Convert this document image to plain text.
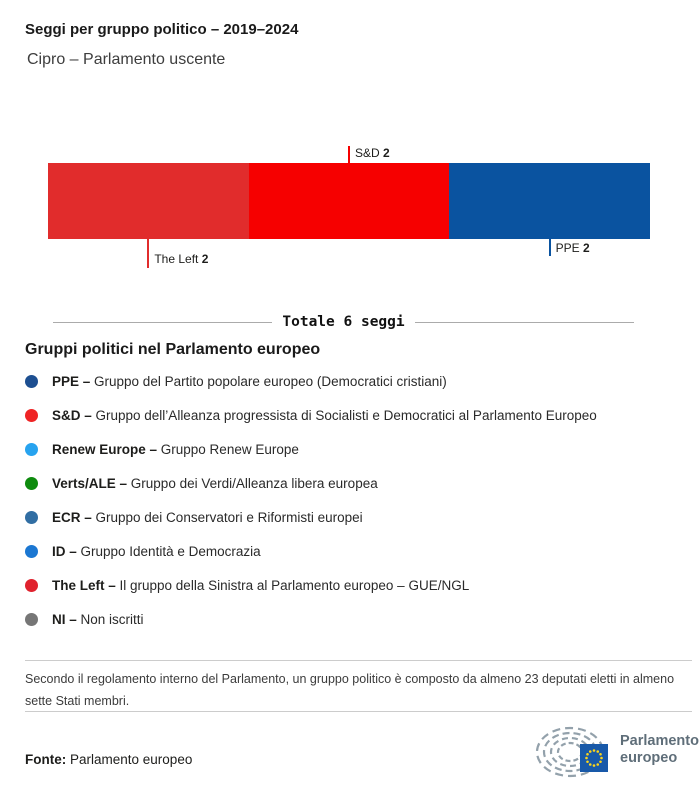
Seggi per gruppo politico – 2019–2024
Cipro – Parlamento uscente
The Left 2
S&D 2
PPE 2
Totale 6 seggi
Gruppi politici nel Parlamento europeo
PPE – Gruppo del Partito popolare europeo (Democratici cristiani)
S&D – Gruppo dell’Alleanza progressista di Socialisti e Democratici al Parlamento Europeo
Renew Europe – Gruppo Renew Europe
Verts/ALE – Gruppo dei Verdi/Alleanza libera europea
ECR – Gruppo dei Conservatori e Riformisti europei
ID – Gruppo Identità e Democrazia
The Left – Il gruppo della Sinistra al Parlamento europeo – GUE/NGL
NI – Non iscritti
Secondo il regolamento interno del Parlamento, un gruppo politico è composto da almeno 23 deputati eletti in almeno sette Stati membri.
Fonte: Parlamento europeo
Parlamento
europeo
